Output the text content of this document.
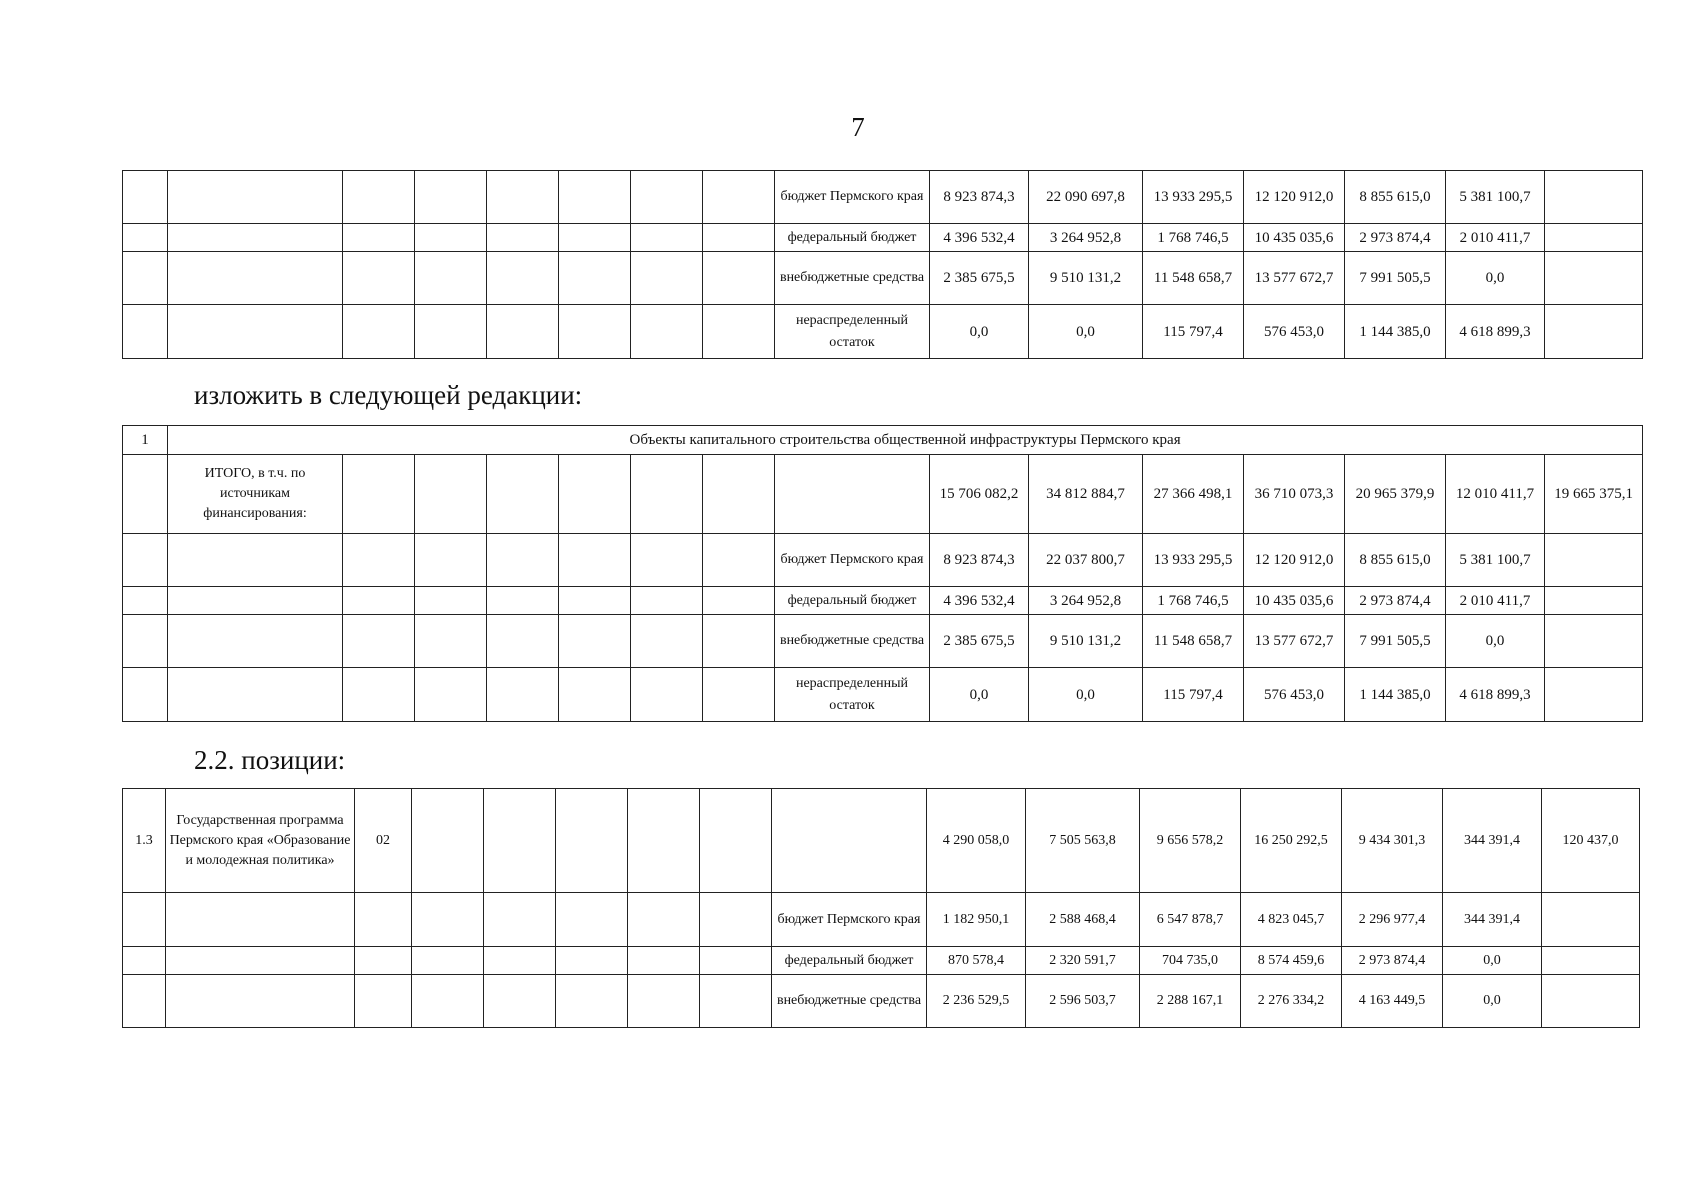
7
								бюджет Пермского края	8 923 874,3	22 090 697,8	13 933 295,5	12 120 912,0	8 855 615,0	5 381 100,7	
								федеральный бюджет	4 396 532,4	3 264 952,8	1 768 746,5	10 435 035,6	2 973 874,4	2 010 411,7	
								внебюджетные средства	2 385 675,5	9 510 131,2	11 548 658,7	13 577 672,7	7 991 505,5	0,0	
								нераспределенный остаток	0,0	0,0	115 797,4	576 453,0	1 144 385,0	4 618 899,3	
изложить в следующей редакции:
1	Объекты капитального строительства общественной инфраструктуры Пермского края														
	ИТОГО, в т.ч. по источникам финансирования:								15 706 082,2	34 812 884,7	27 366 498,1	36 710 073,3	20 965 379,9	12 010 411,7	19 665 375,1
								бюджет Пермского края	8 923 874,3	22 037 800,7	13 933 295,5	12 120 912,0	8 855 615,0	5 381 100,7	
								федеральный бюджет	4 396 532,4	3 264 952,8	1 768 746,5	10 435 035,6	2 973 874,4	2 010 411,7	
								внебюджетные средства	2 385 675,5	9 510 131,2	11 548 658,7	13 577 672,7	7 991 505,5	0,0	
								нераспределенный остаток	0,0	0,0	115 797,4	576 453,0	1 144 385,0	4 618 899,3	
2.2. позиции:
1.3	Государственная программа Пермского края «Образование и молодежная политика»	02							4 290 058,0	7 505 563,8	9 656 578,2	16 250 292,5	9 434 301,3	344 391,4	120 437,0
								бюджет Пермского края	1 182 950,1	2 588 468,4	6 547 878,7	4 823 045,7	2 296 977,4	344 391,4	
								федеральный бюджет	870 578,4	2 320 591,7	704 735,0	8 574 459,6	2 973 874,4	0,0	
								внебюджетные средства	2 236 529,5	2 596 503,7	2 288 167,1	2 276 334,2	4 163 449,5	0,0	
